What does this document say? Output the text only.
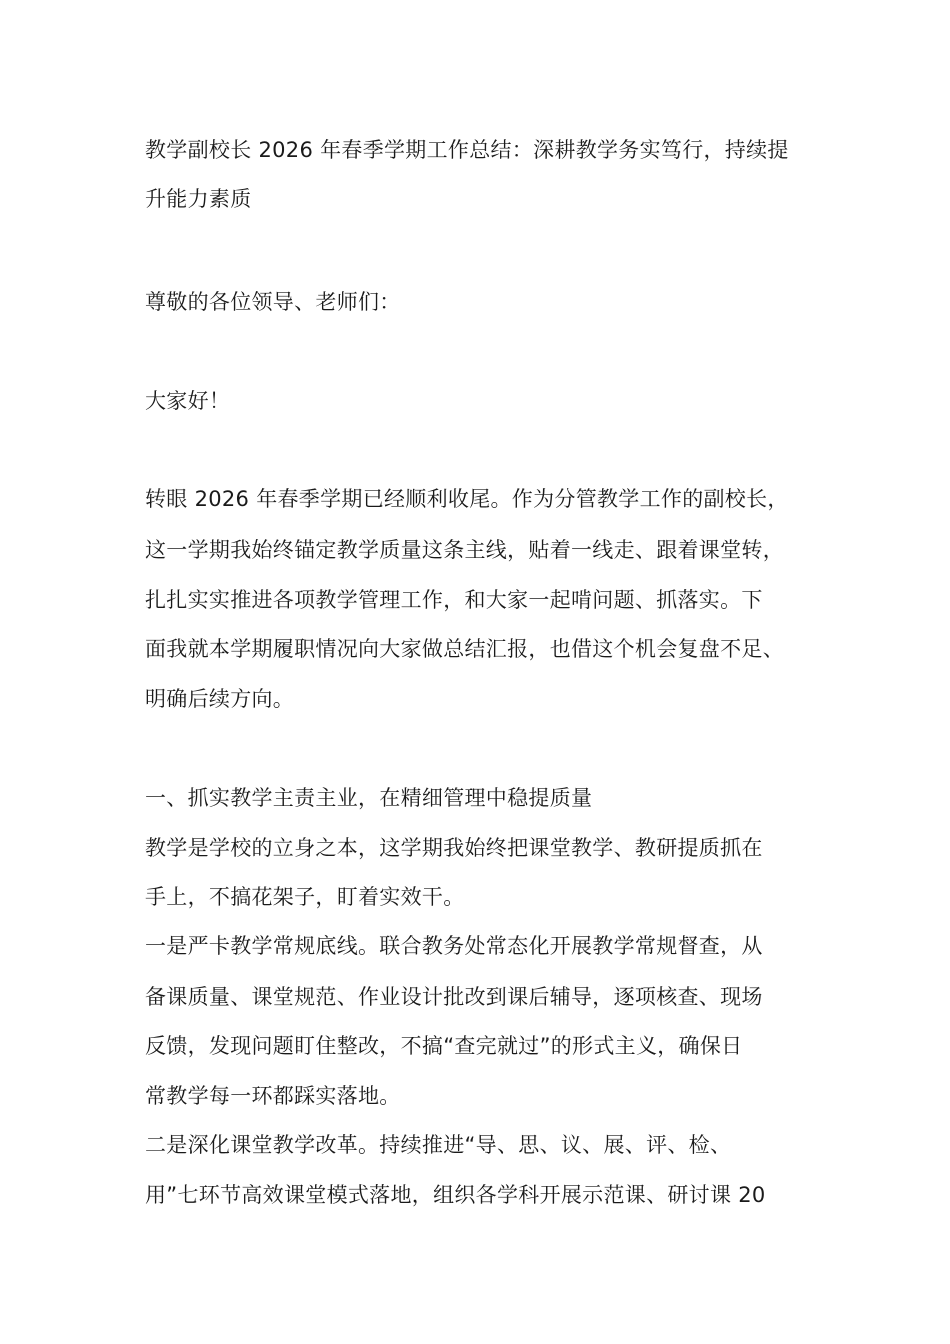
教学副校长 2026 年春季学期工作总结：深耕教学务实笃行，持续提
升能力素质
尊敬的各位领导、老师们：
大家好！
转眼 2026 年春季学期已经顺利收尾。作为分管教学工作的副校长，
这一学期我始终锚定教学质量这条主线，贴着一线走、跟着课堂转，
扎扎实实推进各项教学管理工作，和大家一起啃问题、抓落实。下
面我就本学期履职情况向大家做总结汇报，也借这个机会复盘不足、
明确后续方向。
一、抓实教学主责主业，在精细管理中稳提质量
教学是学校的立身之本，这学期我始终把课堂教学、教研提质抓在
手上，不搞花架子，盯着实效干。
一是严卡教学常规底线。联合教务处常态化开展教学常规督查，从
备课质量、课堂规范、作业设计批改到课后辅导，逐项核查、现场
反馈，发现问题盯住整改，不搞“查完就过”的形式主义，确保日
常教学每一环都踩实落地。
二是深化课堂教学改革。持续推进“导、思、议、展、评、检、
用”七环节高效课堂模式落地，组织各学科开展示范课、研讨课 20
